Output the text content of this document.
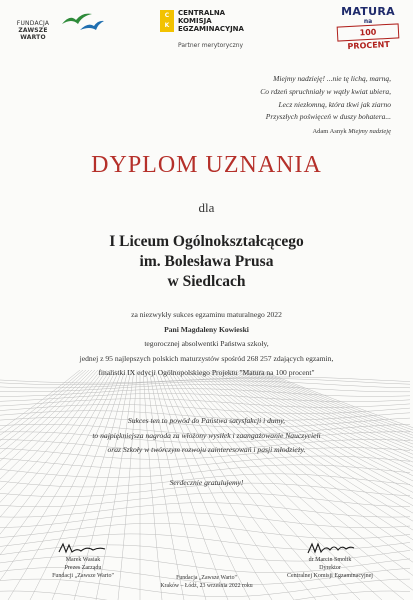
FUNDACJA
ZAWSZE WARTO
C
K
CENTRALNA
KOMISJA
EGZAMINACYJNA
Partner merytoryczny
MATURA
na
100 PROCENT

Miejmy nadzieję! ...nie tę lichą, marną,

Co rdzeń spruchniały w wątły kwiat ubiera,

Lecz niezłomną, która tkwi jak ziarno

Przyszłych poświęceń w duszy bohatera...

Adam Asnyk Miejmy nadzieję

DYPLOM UZNANIA
dla
I Liceum Ogólnokształcącego
im. Bolesława Prusa
w Siedlcach
za niezwykły sukces egzaminu maturalnego 2022
Pani Magdaleny Kowieski
tegorocznej absolwentki Państwa szkoły,
jednej z 95 najlepszych polskich maturzystów spośród 268 257 zdających egzamin,
finalistki IX edycji Ogólnopolskiego Projektu "Matura na 100 procent"
Sukces ten to powód do Państwa satysfakcji i dumy,
to najpiękniejsza nagroda za włożony wysiłek i zaangażowanie Nauczycieli
oraz Szkoły w twórczym rozwoju zainteresowań i pasji młodzieży.
Serdecznie gratulujemy!
Marek Wasiak
Prezes Zarządu
Fundacji „Zawsze Warto"
dr Marcin Smolik
Dyrektor
Centralnej Komisji Egzaminacyjnej
Fundacja „Zawsze Warto"
Kraków – Łódź, 23 września 2022 roku
